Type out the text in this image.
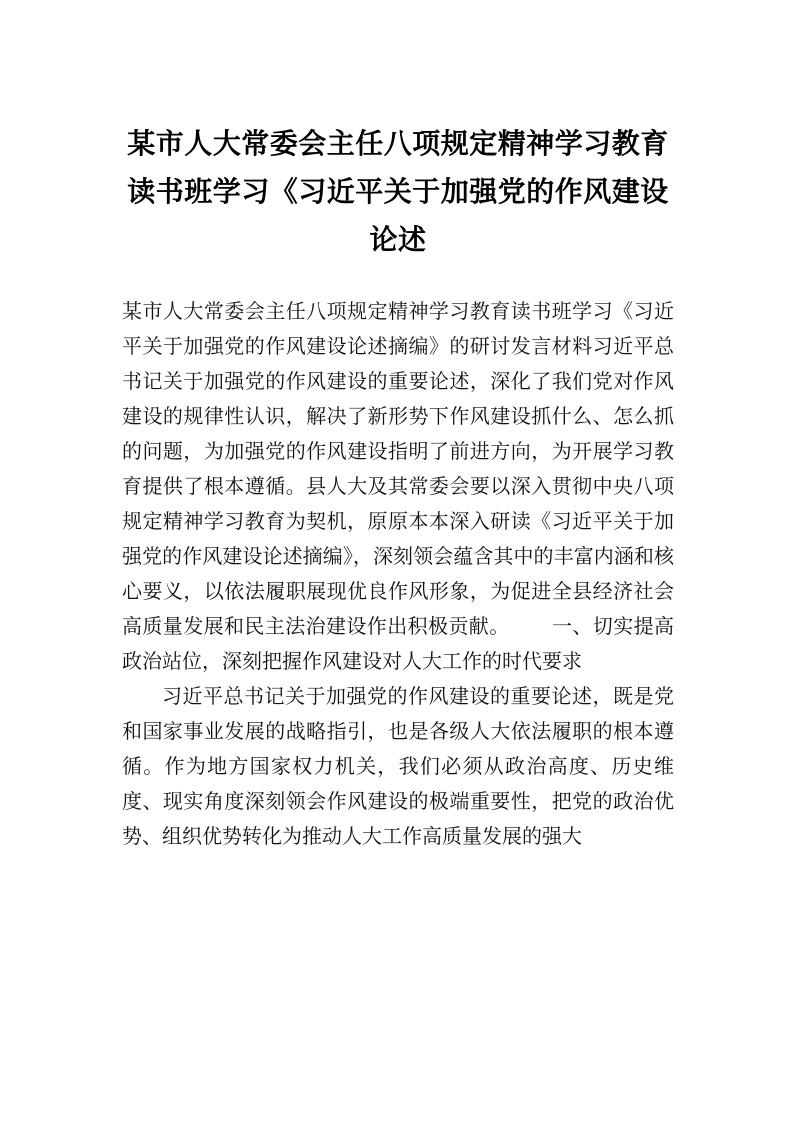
某市人大常委会主任八项规定精神学习教育读书班学习《习近平关于加强党的作风建设论述

某市人大常委会主任八项规定精神学习教育读书班学习《习近平关于加强党的作风建设论述摘编》的研讨发言材料习近平总书记关于加强党的作风建设的重要论述，深化了我们党对作风建设的规律性认识，解决了新形势下作风建设抓什么、怎么抓的问题，为加强党的作风建设指明了前进方向，为开展学习教育提供了根本遵循。县人大及其常委会要以深入贯彻中央八项规定精神学习教育为契机，原原本本深入研读《习近平关于加强党的作风建设论述摘编》，深刻领会蕴含其中的丰富内涵和核心要义，以依法履职展现优良作风形象，为促进全县经济社会高质量发展和民主法治建设作出积极贡献。 一、切实提高政治站位，深刻把握作风建设对人大工作的时代要求

习近平总书记关于加强党的作风建设的重要论述，既是党和国家事业发展的战略指引，也是各级人大依法履职的根本遵循。作为地方国家权力机关，我们必须从政治高度、历史维度、现实角度深刻领会作风建设的极端重要性，把党的政治优势、组织优势转化为推动人大工作高质量发展的强大
